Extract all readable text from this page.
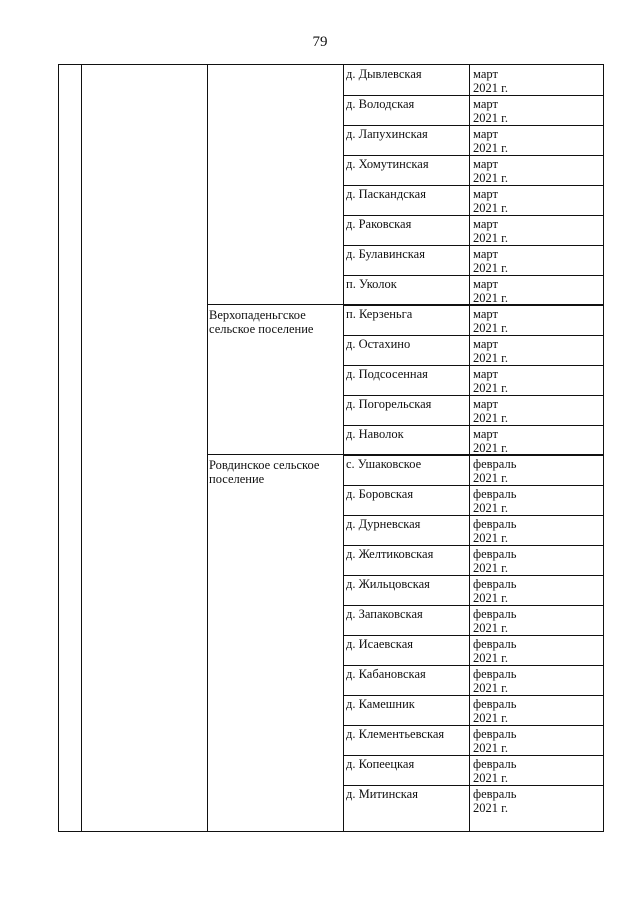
79
д. Дывлевская	март
2021 г.
д. Володская	март
2021 г.
д. Лапухинская	март
2021 г.
д. Хомутинская	март
2021 г.
д. Паскандская	март
2021 г.
д. Раковская	март
2021 г.
д. Булавинская	март
2021 г.
п. Уколок	март
2021 г.
Верхопаденьгское сельское поселение
п. Керзеньга	март
2021 г.
д. Остахино	март
2021 г.
д. Подсосенная	март
2021 г.
д. Погорельская	март
2021 г.
д. Наволок	март
2021 г.
Ровдинское сельское поселение
с. Ушаковское	февраль
2021 г.
д. Боровская	февраль
2021 г.
д. Дурневская	февраль
2021 г.
д. Желтиковская	февраль
2021 г.
д. Жильцовская	февраль
2021 г.
д. Запаковская	февраль
2021 г.
д. Исаевская	февраль
2021 г.
д. Кабановская	февраль
2021 г.
д. Камешник	февраль
2021 г.
д. Клементьевская февраль
2021 г.
д. Копеецкая	февраль
2021 г.
д. Митинская	февраль
2021 г.
